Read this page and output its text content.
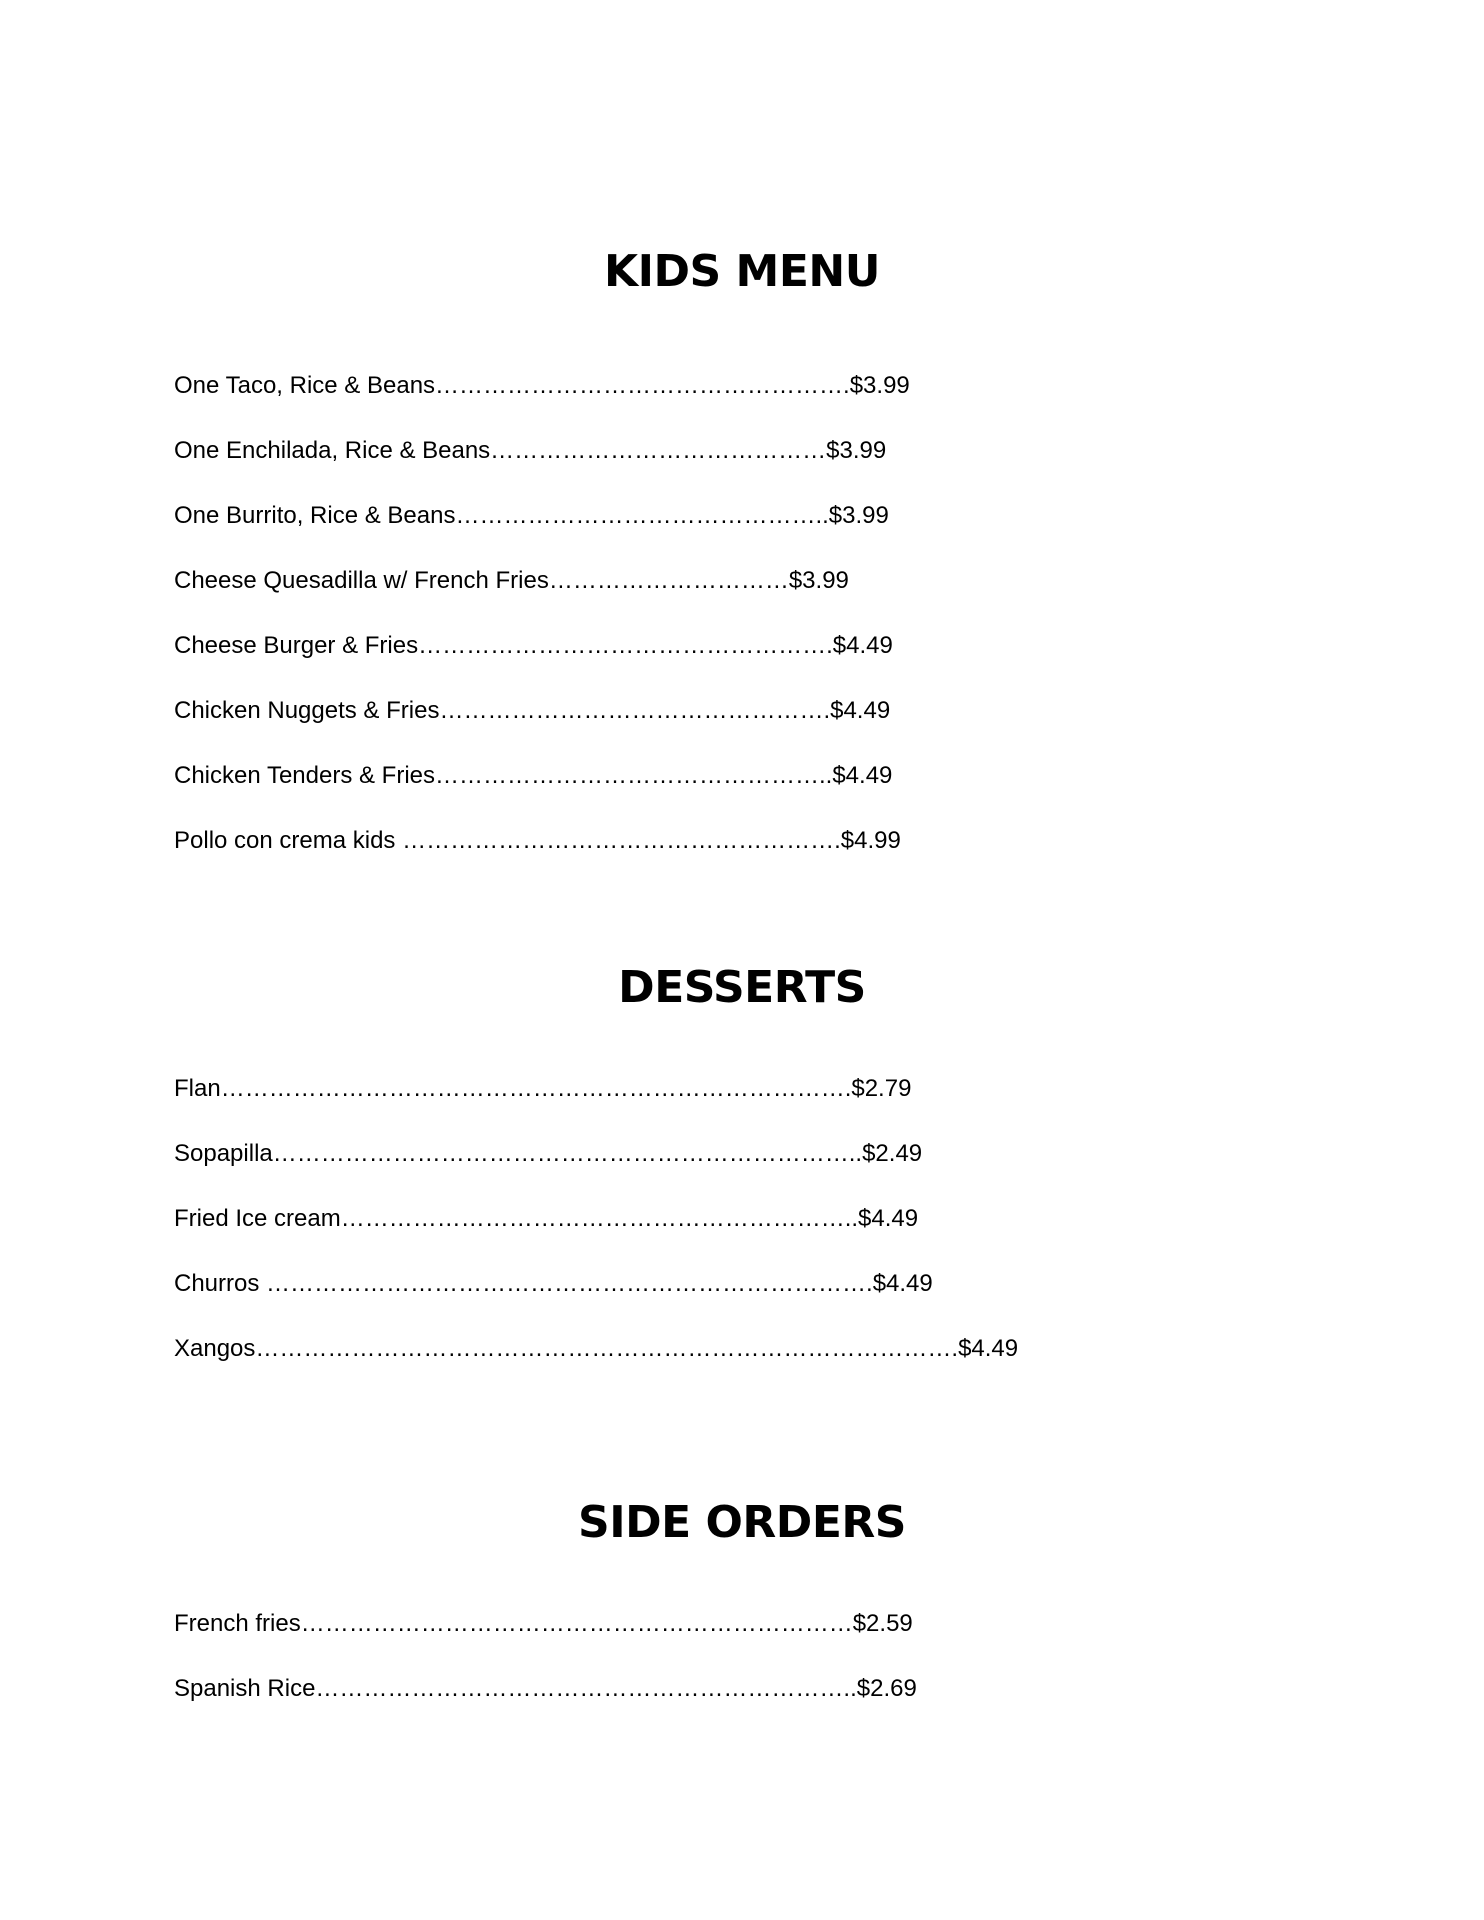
KIDS MENU

One Taco, Rice & Beans…………………………………………….$3.99

One Enchilada, Rice & Beans……………………………………$3.99

One Burrito, Rice & Beans………………………………………..$3.99

Cheese Quesadilla w/ French Fries…………………………$3.99

Cheese Burger & Fries…………………………………………….$4.49

Chicken Nuggets & Fries………………………………………….$4.49

Chicken Tenders & Fries…………………………………………..$4.49

Pollo con crema kids ……………………………………………….$4.99

DESSERTS

Flan…………………………………………………………………….$2.79

Sopapilla………………………………………………………………..$2.49

Fried Ice cream………………………………………………………..$4.49

Churros ………………………………………………………………….$4.49

Xangos…………………………………………………………………………….$4.49

SIDE ORDERS

French fries……………………………………………………………$2.59

Spanish Rice…………………………………………………………..$2.69
